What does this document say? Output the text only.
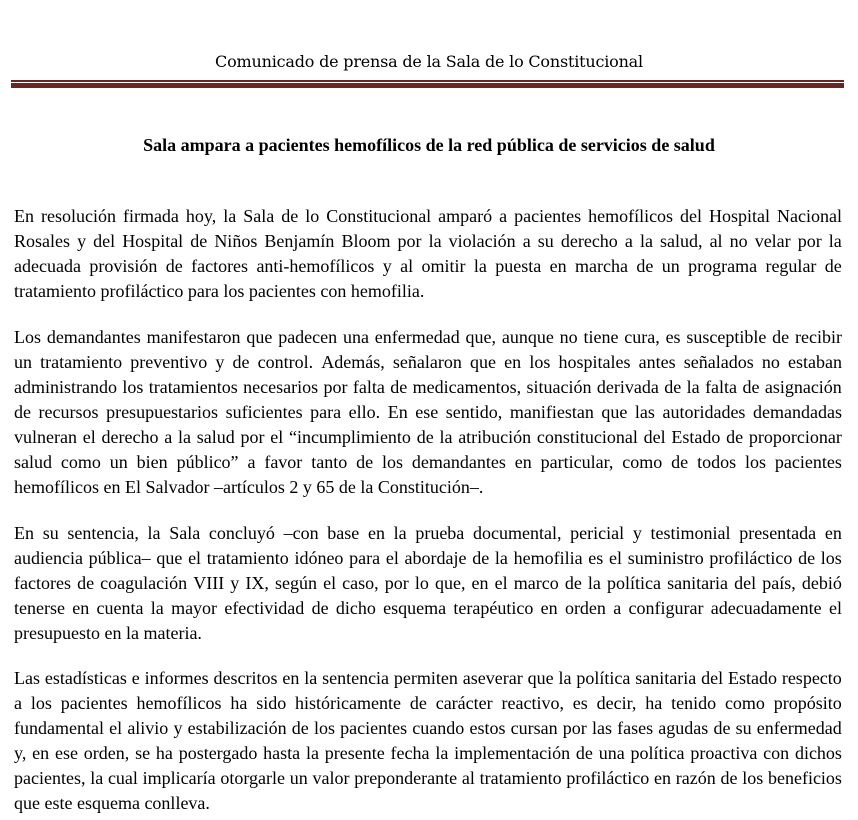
Comunicado de prensa de la Sala de lo Constitucional
Sala ampara a pacientes hemofílicos de la red pública de servicios de salud
En resolución firmada hoy, la Sala de lo Constitucional amparó a pacientes hemofílicos del Hospital Nacional
Rosales y del Hospital de Niños Benjamín Bloom por la violación a su derecho a la salud, al no velar por la
adecuada provisión de factores anti-hemofílicos y al omitir la puesta en marcha de un programa regular de
tratamiento profiláctico para los pacientes con hemofilia.
Los demandantes manifestaron que padecen una enfermedad que, aunque no tiene cura, es susceptible de recibir
un tratamiento preventivo y de control. Además, señalaron que en los hospitales antes señalados no estaban
administrando los tratamientos necesarios por falta de medicamentos, situación derivada de la falta de asignación
de recursos presupuestarios suficientes para ello. En ese sentido, manifiestan que las autoridades demandadas
vulneran el derecho a la salud por el “incumplimiento de la atribución constitucional del Estado de proporcionar
salud como un bien público” a favor tanto de los demandantes en particular, como de todos los pacientes
hemofílicos en El Salvador –artículos 2 y 65 de la Constitución–.
En su sentencia, la Sala concluyó –con base en la prueba documental, pericial y testimonial presentada en
audiencia pública– que el tratamiento idóneo para el abordaje de la hemofilia es el suministro profiláctico de los
factores de coagulación VIII y IX, según el caso, por lo que, en el marco de la política sanitaria del país, debió
tenerse en cuenta la mayor efectividad de dicho esquema terapéutico en orden a configurar adecuadamente el
presupuesto en la materia.
Las estadísticas e informes descritos en la sentencia permiten aseverar que la política sanitaria del Estado respecto
a los pacientes hemofílicos ha sido históricamente de carácter reactivo, es decir, ha tenido como propósito
fundamental el alivio y estabilización de los pacientes cuando estos cursan por las fases agudas de su enfermedad
y, en ese orden, se ha postergado hasta la presente fecha la implementación de una política proactiva con dichos
pacientes, la cual implicaría otorgarle un valor preponderante al tratamiento profiláctico en razón de los beneficios
que este esquema conlleva.
